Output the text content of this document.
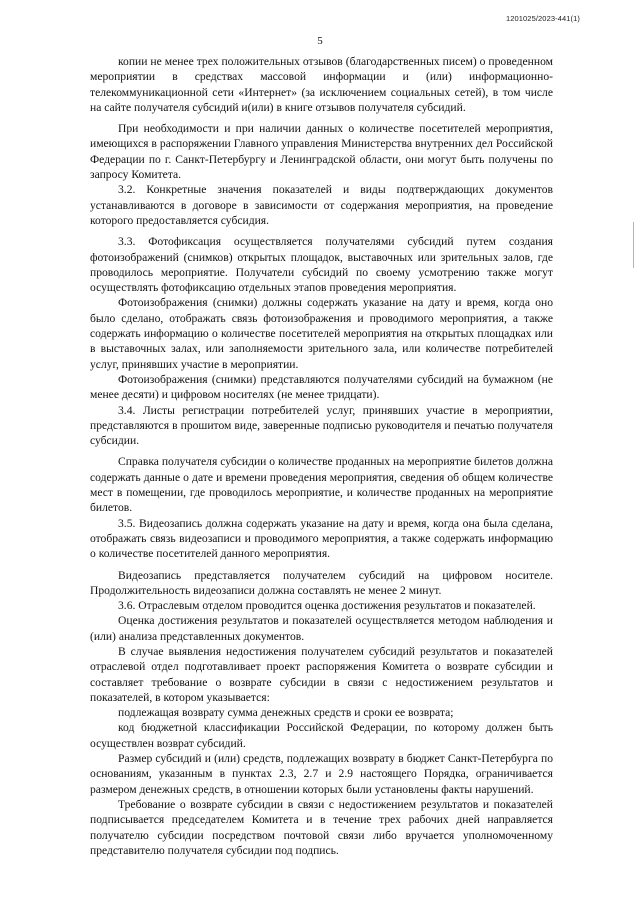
1201025/2023-441(1)
5

копии не менее трех положительных отзывов (благодарственных писем) о проведенном мероприятии в средствах массовой информации и (или) информационно-телекоммуникационной сети «Интернет» (за исключением социальных сетей), в том числе на сайте получателя субсидий и(или) в книге отзывов получателя субсидий.

При необходимости и при наличии данных о количестве посетителей мероприятия, имеющихся в распоряжении Главного управления Министерства внутренних дел Российской Федерации по г. Санкт-Петербургу и Ленинградской области, они могут быть получены по запросу Комитета.

3.2. Конкретные значения показателей и виды подтверждающих документов устанавливаются в договоре в зависимости от содержания мероприятия, на проведение которого предоставляется субсидия.

3.3. Фотофиксация осуществляется получателями субсидий путем создания фотоизображений (снимков) открытых площадок, выставочных или зрительных залов, где проводилось мероприятие. Получатели субсидий по своему усмотрению также могут осуществлять фотофиксацию отдельных этапов проведения мероприятия.

Фотоизображения (снимки) должны содержать указание на дату и время, когда оно было сделано, отображать связь фотоизображения и проводимого мероприятия, а также содержать информацию о количестве посетителей мероприятия на открытых площадках или в выставочных залах, или заполняемости зрительного зала, или количестве потребителей услуг, принявших участие в мероприятии.

Фотоизображения (снимки) представляются получателями субсидий на бумажном (не менее десяти) и цифровом носителях (не менее тридцати).

3.4. Листы регистрации потребителей услуг, принявших участие в мероприятии, представляются в прошитом виде, заверенные подписью руководителя и печатью получателя субсидии.

Справка получателя субсидии о количестве проданных на мероприятие билетов должна содержать данные о дате и времени проведения мероприятия, сведения об общем количестве мест в помещении, где проводилось мероприятие, и количестве проданных на мероприятие билетов.

3.5. Видеозапись должна содержать указание на дату и время, когда она была сделана, отображать связь видеозаписи и проводимого мероприятия, а также содержать информацию о количестве посетителей данного мероприятия.

Видеозапись представляется получателем субсидий на цифровом носителе. Продолжительность видеозаписи должна составлять не менее 2 минут.

3.6. Отраслевым отделом проводится оценка достижения результатов и показателей.

Оценка достижения результатов и показателей осуществляется методом наблюдения и (или) анализа представленных документов.

В случае выявления недостижения получателем субсидий результатов и показателей отраслевой отдел подготавливает проект распоряжения Комитета о возврате субсидии и составляет требование о возврате субсидии в связи с недостижением результатов и показателей, в котором указывается:

подлежащая возврату сумма денежных средств и сроки ее возврата;

код бюджетной классификации Российской Федерации, по которому должен быть осуществлен возврат субсидий.

Размер субсидий и (или) средств, подлежащих возврату в бюджет Санкт-Петербурга по основаниям, указанным в пунктах 2.3, 2.7 и 2.9 настоящего Порядка, ограничивается размером денежных средств, в отношении которых были установлены факты нарушений.

Требование о возврате субсидии в связи с недостижением результатов и показателей подписывается председателем Комитета и в течение трех рабочих дней направляется получателю субсидии посредством почтовой связи либо вручается уполномоченному представителю получателя субсидии под подпись.
